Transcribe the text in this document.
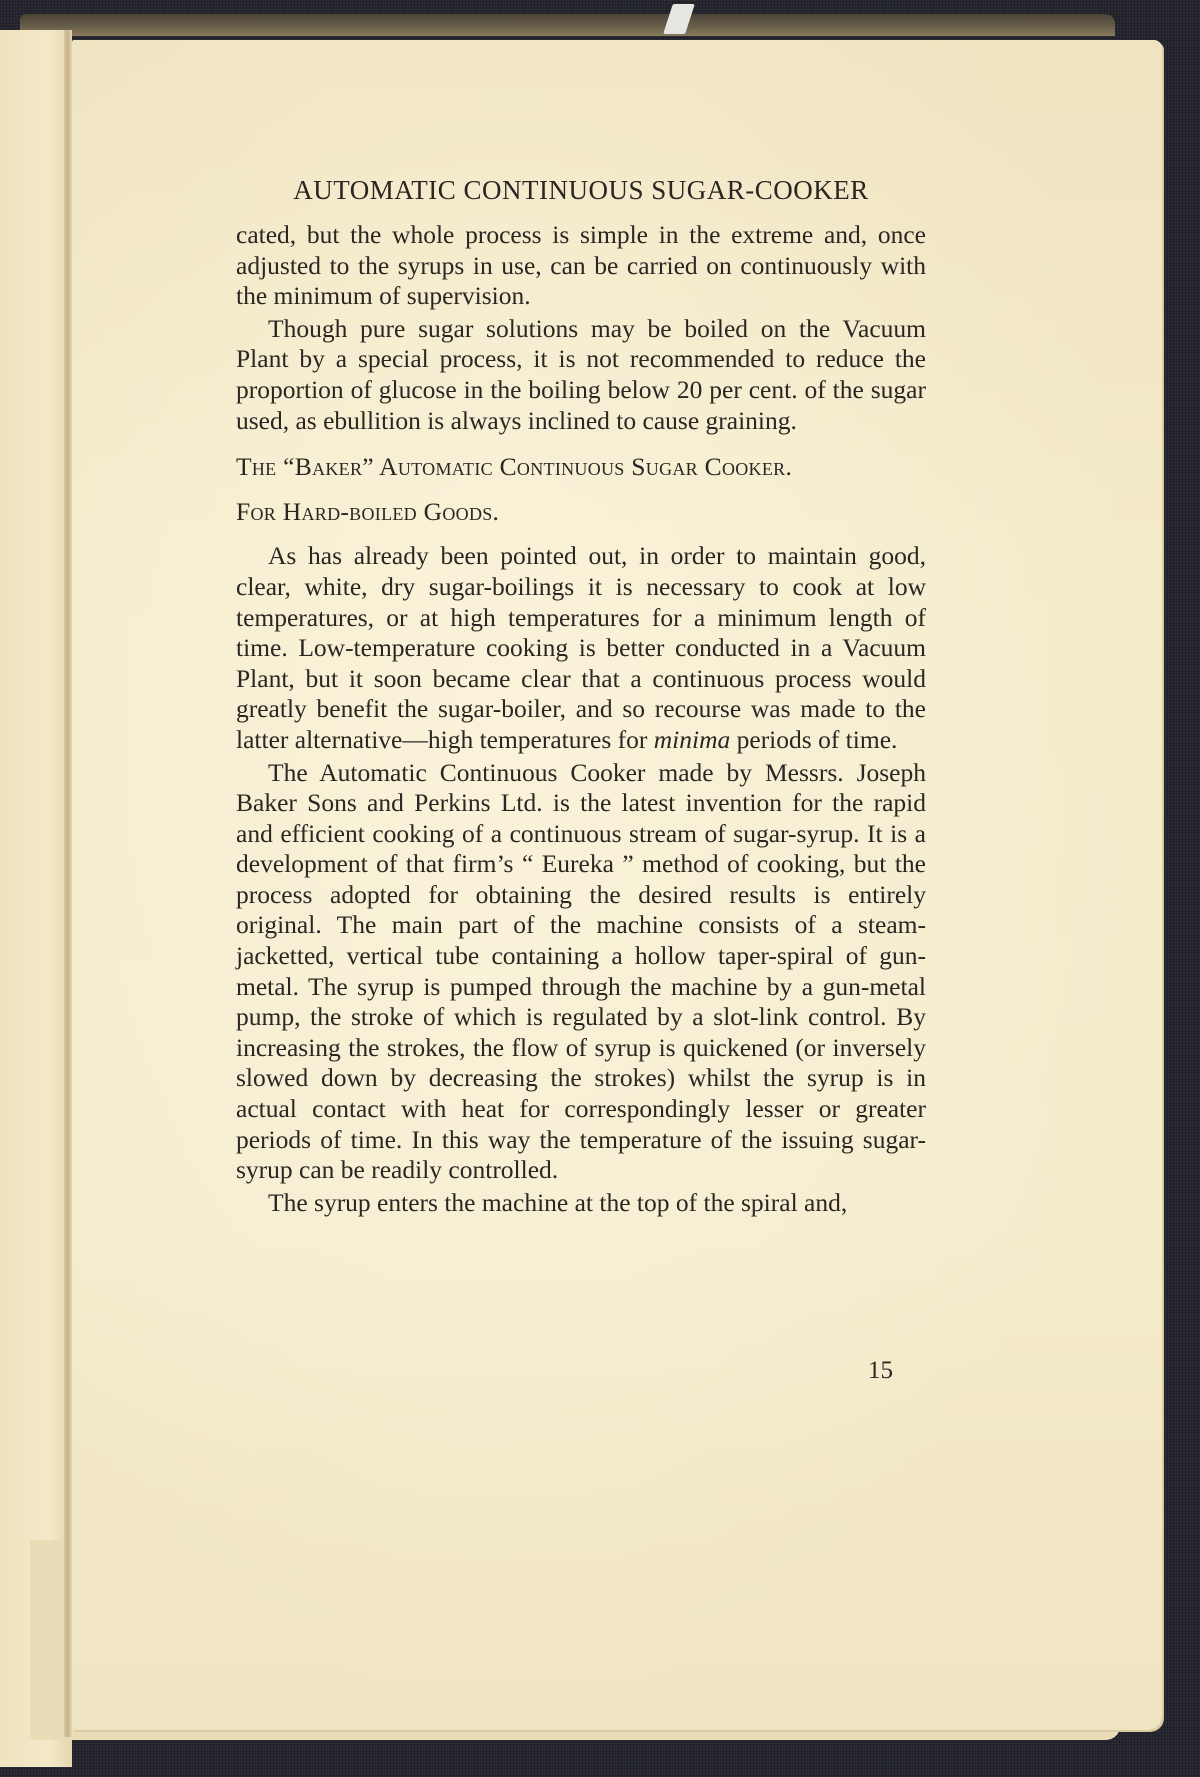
AUTOMATIC CONTINUOUS SUGAR-COOKER

cated, but the whole process is simple in the extreme and, once adjusted to the syrups in use, can be carried on continuously with the minimum of supervision.

Though pure sugar solutions may be boiled on the Vacuum Plant by a special process, it is not recommended to reduce the proportion of glucose in the boiling below 20 per cent. of the sugar used, as ebullition is always inclined to cause graining.

The “Baker” Automatic Continuous Sugar Cooker.
For Hard-boiled Goods.

As has already been pointed out, in order to maintain good, clear, white, dry sugar-boilings it is necessary to cook at low temperatures, or at high temperatures for a minimum length of time. Low-temperature cooking is better conducted in a Vacuum Plant, but it soon became clear that a continuous process would greatly benefit the sugar-boiler, and so recourse was made to the latter alternative—high temperatures for minima periods of time.

The Automatic Continuous Cooker made by Messrs. Joseph Baker Sons and Perkins Ltd. is the latest invention for the rapid and efficient cooking of a continuous stream of sugar-syrup. It is a development of that firm’s “ Eureka ” method of cooking, but the process adopted for obtaining the desired results is entirely original. The main part of the machine consists of a steam-jacketted, vertical tube containing a hollow taper-spiral of gun-metal. The syrup is pumped through the machine by a gun-metal pump, the stroke of which is regulated by a slot-link control. By increasing the strokes, the flow of syrup is quickened (or inversely slowed down by decreasing the strokes) whilst the syrup is in actual contact with heat for correspondingly lesser or greater periods of time. In this way the temperature of the issuing sugar-syrup can be readily controlled.

The syrup enters the machine at the top of the spiral and,

15
